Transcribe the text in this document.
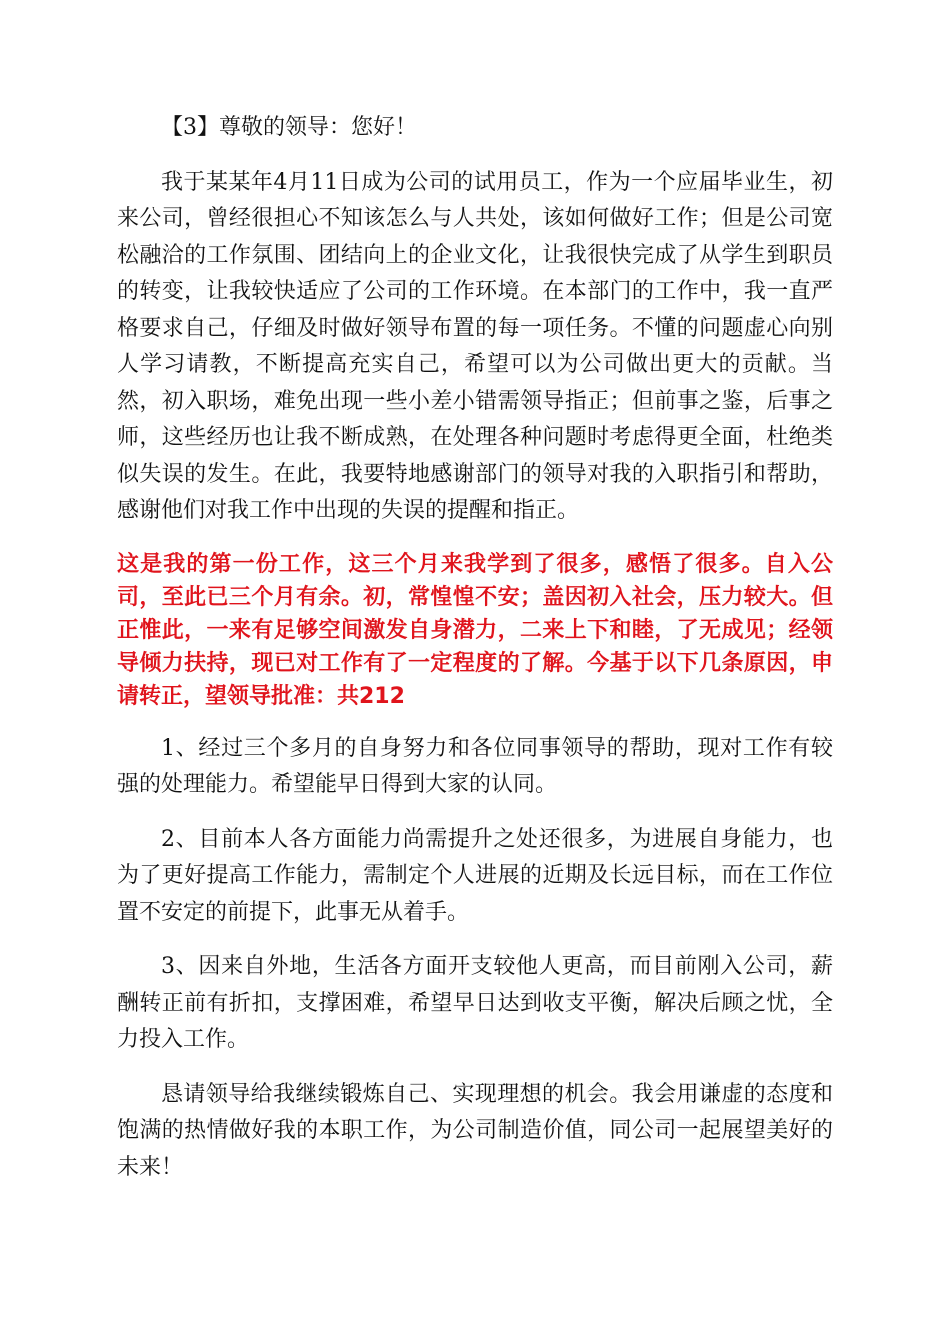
【3】尊敬的领导：您好！

我于某某年4月11日成为公司的试用员工，作为一个应届毕业生，初来公司，曾经很担心不知该怎么与人共处，该如何做好工作；但是公司宽松融洽的工作氛围、团结向上的企业文化，让我很快完成了从学生到职员的转变，让我较快适应了公司的工作环境。在本部门的工作中，我一直严格要求自己，仔细及时做好领导布置的每一项任务。不懂的问题虚心向别人学习请教，不断提高充实自己，希望可以为公司做出更大的贡献。当然，初入职场，难免出现一些小差小错需领导指正；但前事之鉴，后事之师，这些经历也让我不断成熟，在处理各种问题时考虑得更全面，杜绝类似失误的发生。在此，我要特地感谢部门的领导对我的入职指引和帮助，感谢他们对我工作中出现的失误的提醒和指正。

这是我的第一份工作，这三个月来我学到了很多，感悟了很多。自入公司，至此已三个月有余。初，常惶惶不安；盖因初入社会，压力较大。但正惟此，一来有足够空间激发自身潜力，二来上下和睦，了无成见；经领导倾力扶持，现已对工作有了一定程度的了解。今基于以下几条原因，申请转正，望领导批准：共212

1、经过三个多月的自身努力和各位同事领导的帮助，现对工作有较强的处理能力。希望能早日得到大家的认同。

2、目前本人各方面能力尚需提升之处还很多，为进展自身能力，也为了更好提高工作能力，需制定个人进展的近期及长远目标，而在工作位置不安定的前提下，此事无从着手。

3、因来自外地，生活各方面开支较他人更高，而目前刚入公司，薪酬转正前有折扣，支撑困难，希望早日达到收支平衡，解决后顾之忧，全力投入工作。

恳请领导给我继续锻炼自己、实现理想的机会。我会用谦虚的态度和饱满的热情做好我的本职工作，为公司制造价值，同公司一起展望美好的未来！
